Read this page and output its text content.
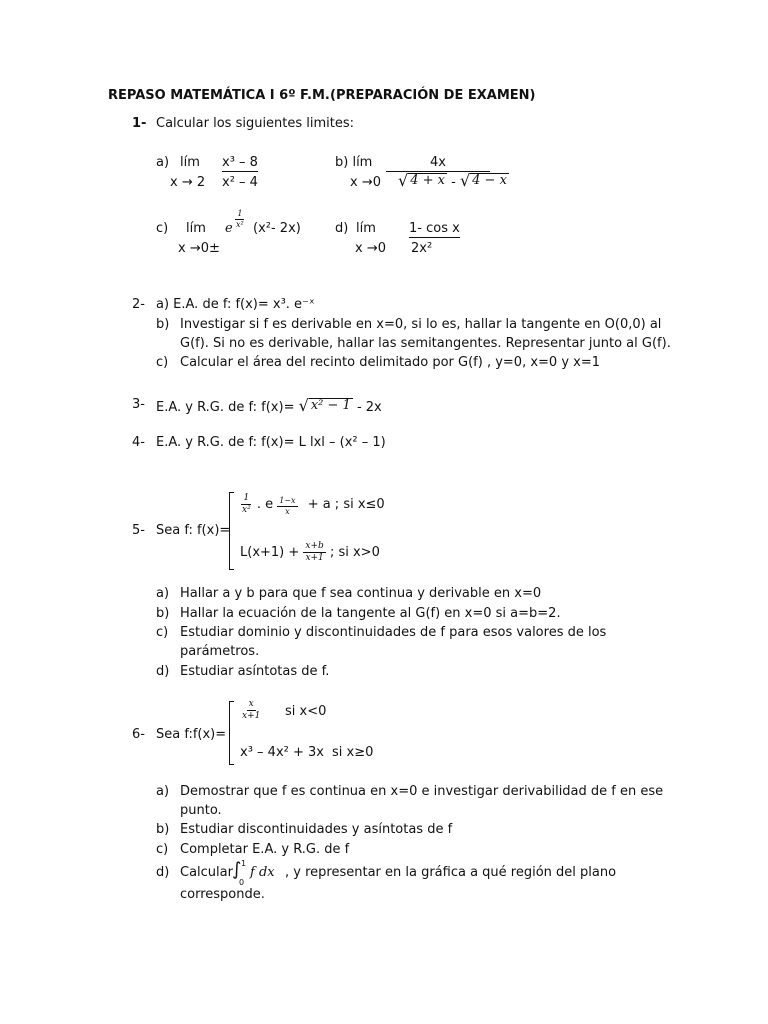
REPASO MATEMÁTICA I 6º F.M. (PREPARACIÓN DE EXAMEN)
1- Calcular los siguientes limites:
a) lím x³ – 8
x → 2 x² – 4
b) lím	4x
x →0 √ 4 + x - √ 4 − x
c) lím e $\frac{1}{\text{x²}} (x^2-$ 2x)
x →0±
d) lím	1- cos x
x →0 2x²
2- a) E.A. de f: f(x)= x³. e⁻ˣ
b) Investigar si f es derivable en x=0, si lo es, hallar la tangente en O(0,0) al
G(f). Si no es derivable, hallar las semitangentes. Representar junto al G(f).
c) Calcular el área del recinto delimitado por G(f) , y=0, x=0 y x=1
3- E.A. y R.G. de f: f(x)= √ x² − 1 - 2x
4- E.A. y R.G. de f: f(x)= L lxl – (x² – 1)
5- Sea f: f(x)=
$\frac{1}{\text{x²}}$ . e $\frac{1-x}{x} + a$ ; si x≤0
$L(x+1) + \frac{x+b}{x+1}$ ; si x>0
a) Hallar a y b para que f sea continua y derivable en x=0
b) Hallar la ecuación de la tangente al G(f) en x=0 si a=b=2.
c) Estudiar dominio y discontinuidades de f para esos valores de los
parámetros.
d) Estudiar asíntotas de f.
6- Sea f:f(x)=
$\frac{x}{x+1}$ si x<0
x³ – 4x² + 3x si x≥0
a) Demostrar que f es continua en x=0 e investigar derivabilidad de f en ese
punto.
b) Estudiar discontinuidades y asíntotas de f
c) Completar E.A. y R.G. de f
d) Calcular ∫ 1
0
f dx , y representar en la gráfica a qué región del plano
corresponde.
